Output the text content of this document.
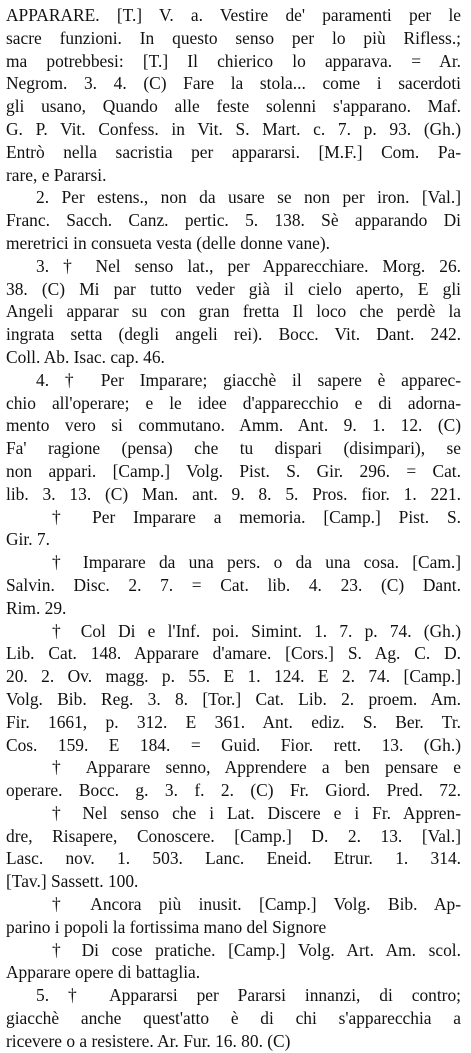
APPARARE. [T.] V. a. Vestire de' paramenti per le
sacre funzioni. In questo senso per lo più Rifless.;
ma potrebbesi: [T.] Il chierico lo apparava. = Ar.
Negrom. 3. 4. (C) Fare la stola... come i sacerdoti
gli usano, Quando alle feste solenni s'apparano. Maf.
G. P. Vit. Confess. in Vit. S. Mart. c. 7. p. 93. (Gh.)
Entrò nella sacristia per appararsi. [M.F.] Com. Pa-
rare, e Pararsi.
2. Per estens., non da usare se non per iron. [Val.]
Franc. Sacch. Canz. pertic. 5. 138. Sè apparando Di
meretrici in consueta vesta (delle donne vane).
3. † Nel senso lat., per Apparecchiare. Morg. 26.
38. (C) Mi par tutto veder già il cielo aperto, E gli
Angeli apparar su con gran fretta Il loco che perdè la
ingrata setta (degli angeli rei). Bocc. Vit. Dant. 242.
Coll. Ab. Isac. cap. 46.
4. † Per Imparare; giacchè il sapere è apparec-
chio all'operare; e le idee d'apparecchio e di adorna-
mento vero si commutano. Amm. Ant. 9. 1. 12. (C)
Fa' ragione (pensa) che tu dispari (disimpari), se
non appari. [Camp.] Volg. Pist. S. Gir. 296. = Cat.
lib. 3. 13. (C) Man. ant. 9. 8. 5. Pros. fior. 1. 221.
† Per Imparare a memoria. [Camp.] Pist. S.
Gir. 7.
† Imparare da una pers. o da una cosa. [Cam.]
Salvin. Disc. 2. 7. = Cat. lib. 4. 23. (C) Dant.
Rim. 29.
† Col Di e l'Inf. poi. Simint. 1. 7. p. 74. (Gh.)
Lib. Cat. 148. Apparare d'amare. [Cors.] S. Ag. C. D.
20. 2. Ov. magg. p. 55. E 1. 124. E 2. 74. [Camp.]
Volg. Bib. Reg. 3. 8. [Tor.] Cat. Lib. 2. proem. Am.
Fir. 1661, p. 312. E 361. Ant. ediz. S. Ber. Tr.
Cos. 159. E 184. = Guid. Fior. rett. 13. (Gh.)
† Apparare senno, Apprendere a ben pensare e
operare. Bocc. g. 3. f. 2. (C) Fr. Giord. Pred. 72.
† Nel senso che i Lat. Discere e i Fr. Appren-
dre, Risapere, Conoscere. [Camp.] D. 2. 13. [Val.]
Lasc. nov. 1. 503. Lanc. Eneid. Etrur. 1. 314.
[Tav.] Sassett. 100.
† Ancora più inusit. [Camp.] Volg. Bib. Ap-
parino i popoli la fortissima mano del Signore
† Di cose pratiche. [Camp.] Volg. Art. Am. scol.
Apparare opere di battaglia.
5. † Appararsi per Pararsi innanzi, di contro;
giacchè anche quest'atto è di chi s'apparecchia a
ricevere o a resistere. Ar. Fur. 16. 80. (C)
